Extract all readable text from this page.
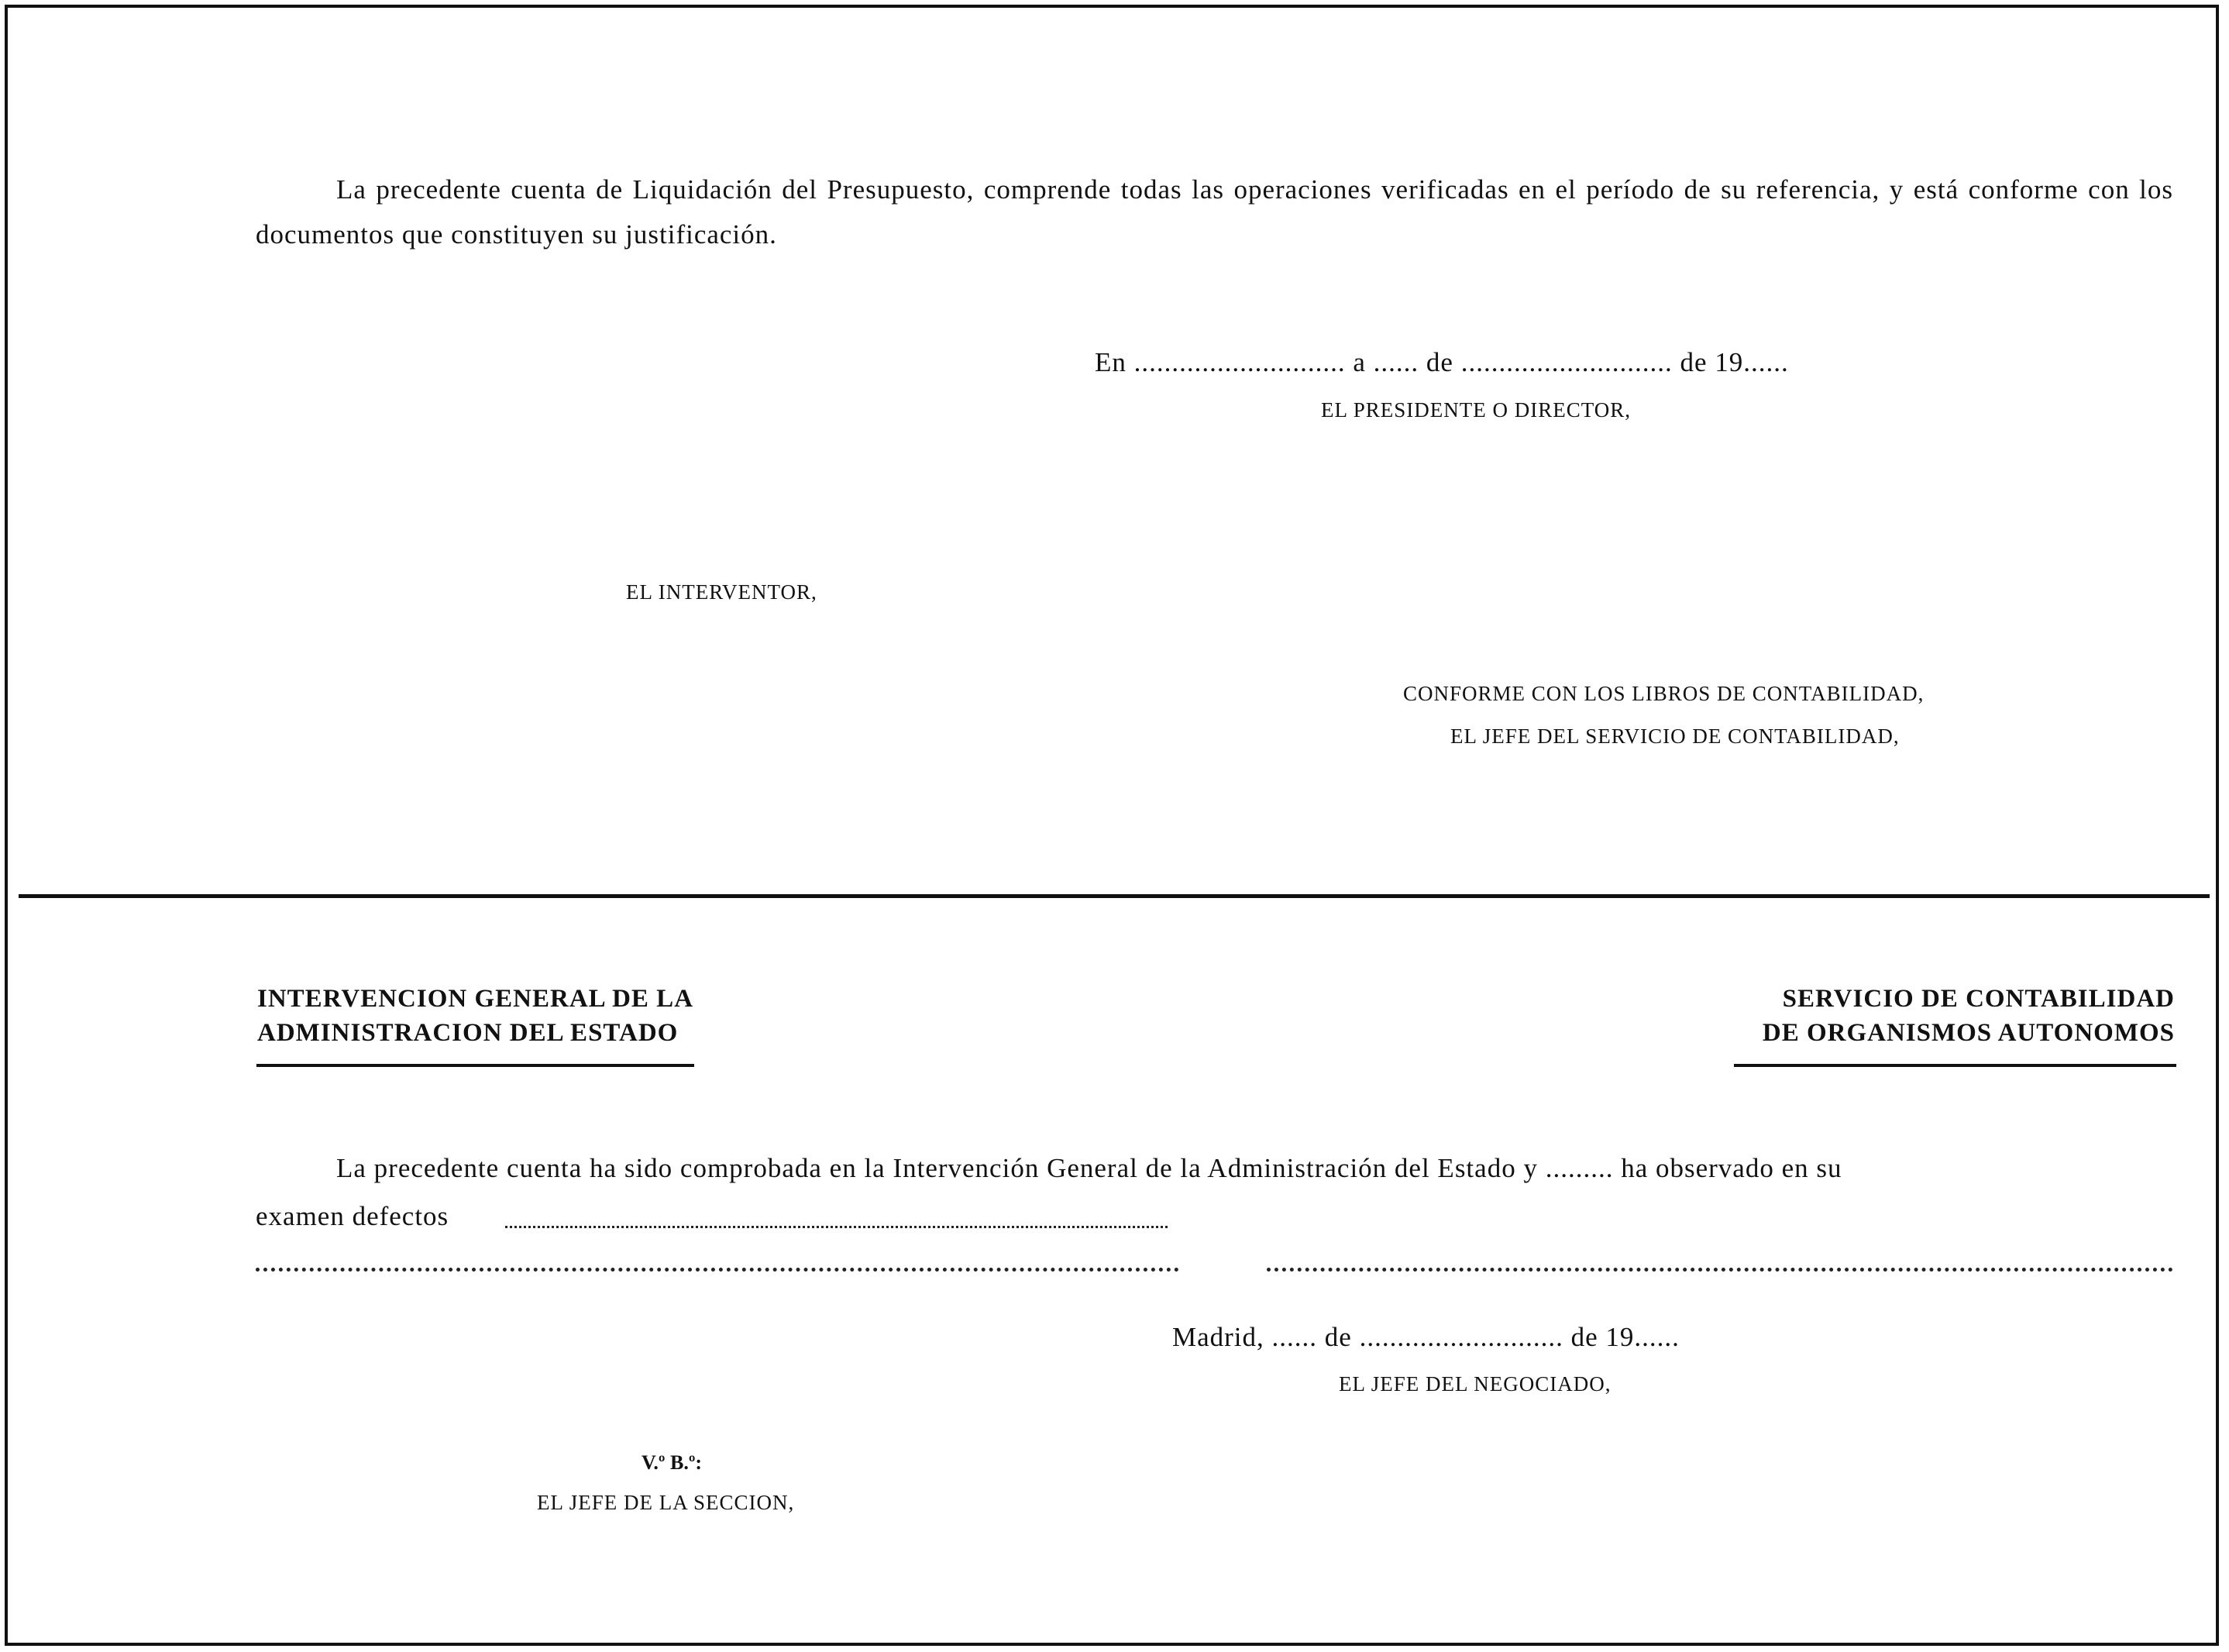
La precedente cuenta de Liquidación del Presupuesto, comprende todas las operaciones verificadas en el período de su referencia, y está conforme con los documentos que constituyen su justificación.
En ............................ a ...... de ............................ de 19......
EL PRESIDENTE O DIRECTOR,
EL INTERVENTOR,
CONFORME CON LOS LIBROS DE CONTABILIDAD,
EL JEFE DEL SERVICIO DE CONTABILIDAD,
INTERVENCION GENERAL DE LA
ADMINISTRACION DEL ESTADO
SERVICIO DE CONTABILIDAD
DE ORGANISMOS AUTONOMOS
La precedente cuenta ha sido comprobada en la Intervención General de la Administración del Estado y ......... ha observado en su
examen defectos
Madrid, ...... de ........................... de 19......
EL JEFE DEL NEGOCIADO,
V.º B.º:
EL JEFE DE LA SECCION,
